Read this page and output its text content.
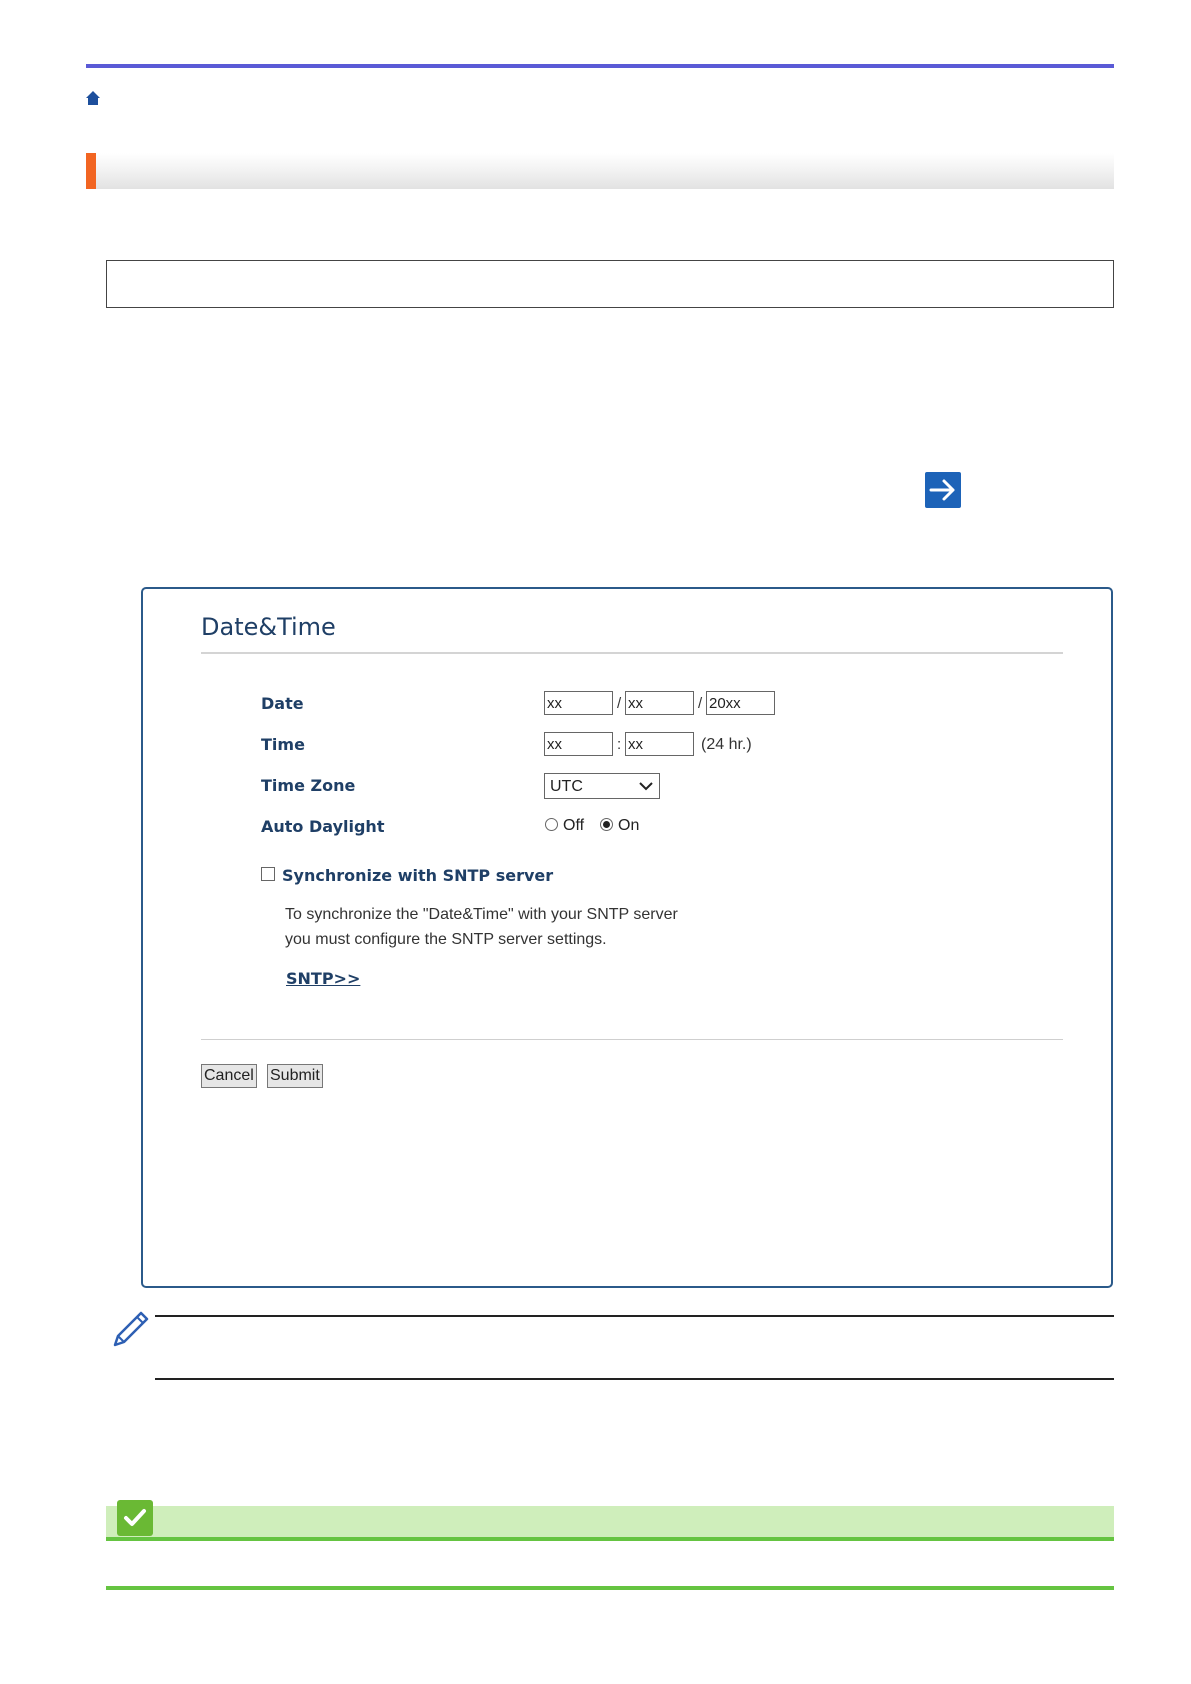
Date&Time
Date	xx	/ xx	/ 20xx
Time	xx	: xx	(24 hr.)
Time Zone	UTC
Auto Daylight	Off On
Synchronize with SNTP server
To synchronize the "Date&Time" with your SNTP server
you must configure the SNTP server settings.
SNTP>>
Cancel Submit
